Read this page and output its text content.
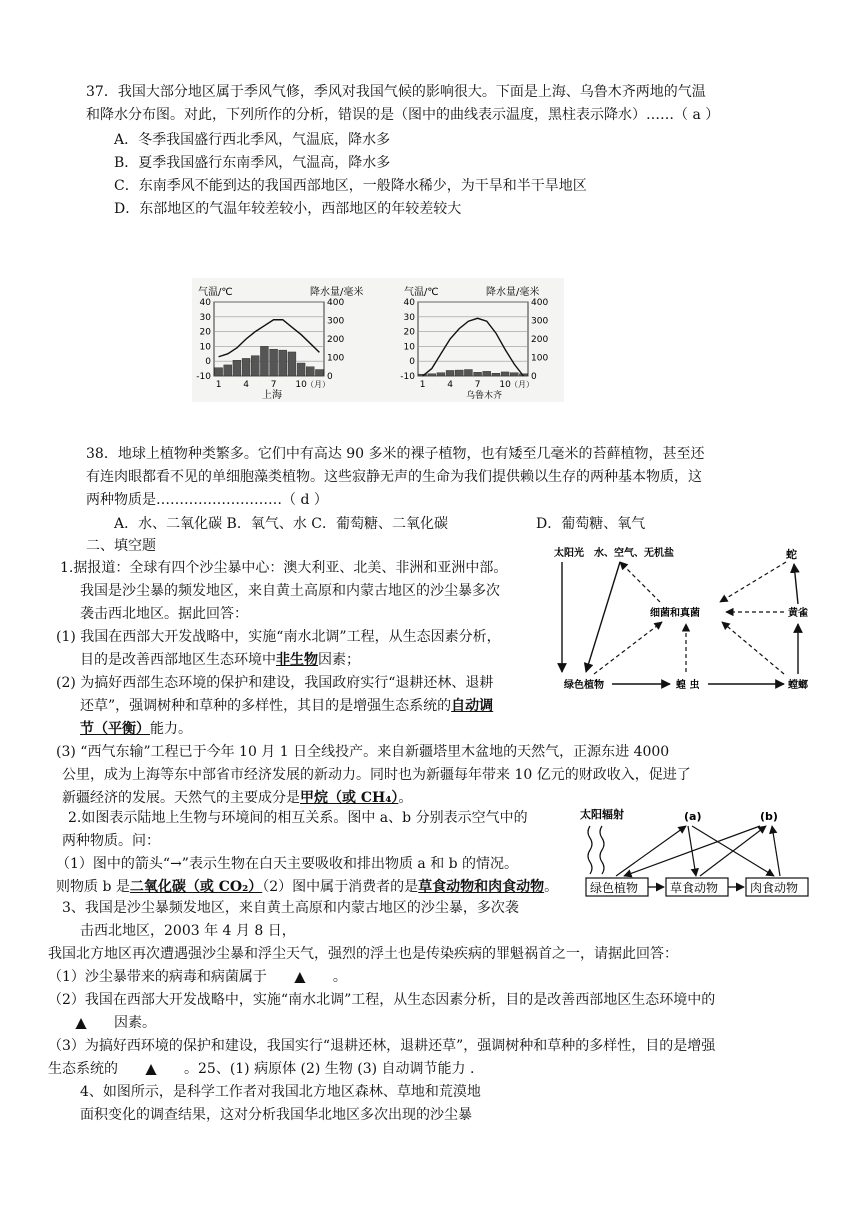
37．我国大部分地区属于季风气修，季风对我国气候的影响很大。下面是上海、乌鲁木齐两地的气温
和降水分布图。对此，下列所作的分析，错误的是（图中的曲线表示温度，黑柱表示降水）……（ a ）
A．冬季我国盛行西北季风，气温底，降水多
B．夏季我国盛行东南季风，气温高，降水多
C．东南季风不能到达的我国西部地区，一般降水稀少，为干旱和半干旱地区
D．东部地区的气温年较差较小，西部地区的年较差较大
气温/℃	降水量/毫米	气温/℃	降水量/毫米
40
30
20
10
0
-10
400
300
200
100
0
1 4 7 10 （月）
40
30
20
10
0
-10
400
300
200
100
0
1 4 7 10 （月）
上海	乌鲁木齐
38．地球上植物种类繁多。它们中有高达 90 多米的裸子植物，也有矮至几毫米的苔藓植物，甚至还
有连肉眼都看不见的单细胞藻类植物。这些寂静无声的生命为我们提供赖以生存的两种基本物质，这
两种物质是………………………（ d ）
A．水、二氧化碳 B．氧气、水 C．葡萄糖、二氧化碳	D．葡萄糖、氧气
二、填空题
1.据报道：全球有四个沙尘暴中心：澳大利亚、北美、非洲和亚洲中部。
我国是沙尘暴的频发地区，来自黄土高原和内蒙古地区的沙尘暴多次
袭击西北地区。据此回答：
(1) 我国在西部大开发战略中，实施“南水北调”工程，从生态因素分析，
目的是改善西部地区生态环境中非生物因素；
(2) 为搞好西部生态环境的保护和建设，我国政府实行“退耕还林、退耕
还草”，强调树种和草种的多样性，其目的是增强生态系统的自动调
节（平衡）能力。
(3) “西气东输”工程已于今年 10 月 1 日全线投产。来自新疆塔里木盆地的天然气，正源东进 4000
公里，成为上海等东中部省市经济发展的新动力。同时也为新疆每年带来 10 亿元的财政收入，促进了
新疆经济的发展。天然气的主要成分是甲烷（或 CH₄）。
太阳光 水、空气、无机盐	蛇
细菌和真菌	黄雀
绿色植物	蝗 虫	螳螂
2.如图表示陆地上生物与环境间的相互关系。图中 a、b 分别表示空气中的
两种物质。问：
（1）图中的箭头“→”表示生物在白天主要吸收和排出物质 a 和 b 的情况。
则物质 b 是二氧化碳（或 CO₂）（2）图中属于消费者的是草食动物和肉食动物。
太阳辐射	(a)	(b)
绿色植物	草食动物	肉食动物
3、我国是沙尘暴频发地区，来自黄土高原和内蒙古地区的沙尘暴，多次袭
击西北地区，2003 年 4 月 8 日，
我国北方地区再次遭遇强沙尘暴和浮尘天气，强烈的浮土也是传染疾病的罪魁祸首之一，请据此回答：
（1）沙尘暴带来的病毒和病菌属于 ▲ 。
（2）我国在西部大开发战略中，实施“南水北调”工程，从生态因素分析，目的是改善西部地区生态环境中的
▲ 因素。
（3）为搞好西环境的保护和建设，我国实行“退耕还林，退耕还草”，强调树种和草种的多样性，目的是增强
生态系统的 ▲ 。25、(1) 病原体 (2) 生物 (3) 自动调节能力 .
4、如图所示，是科学工作者对我国北方地区森林、草地和荒漠地
面积变化的调查结果，这对分析我国华北地区多次出现的沙尘暴
